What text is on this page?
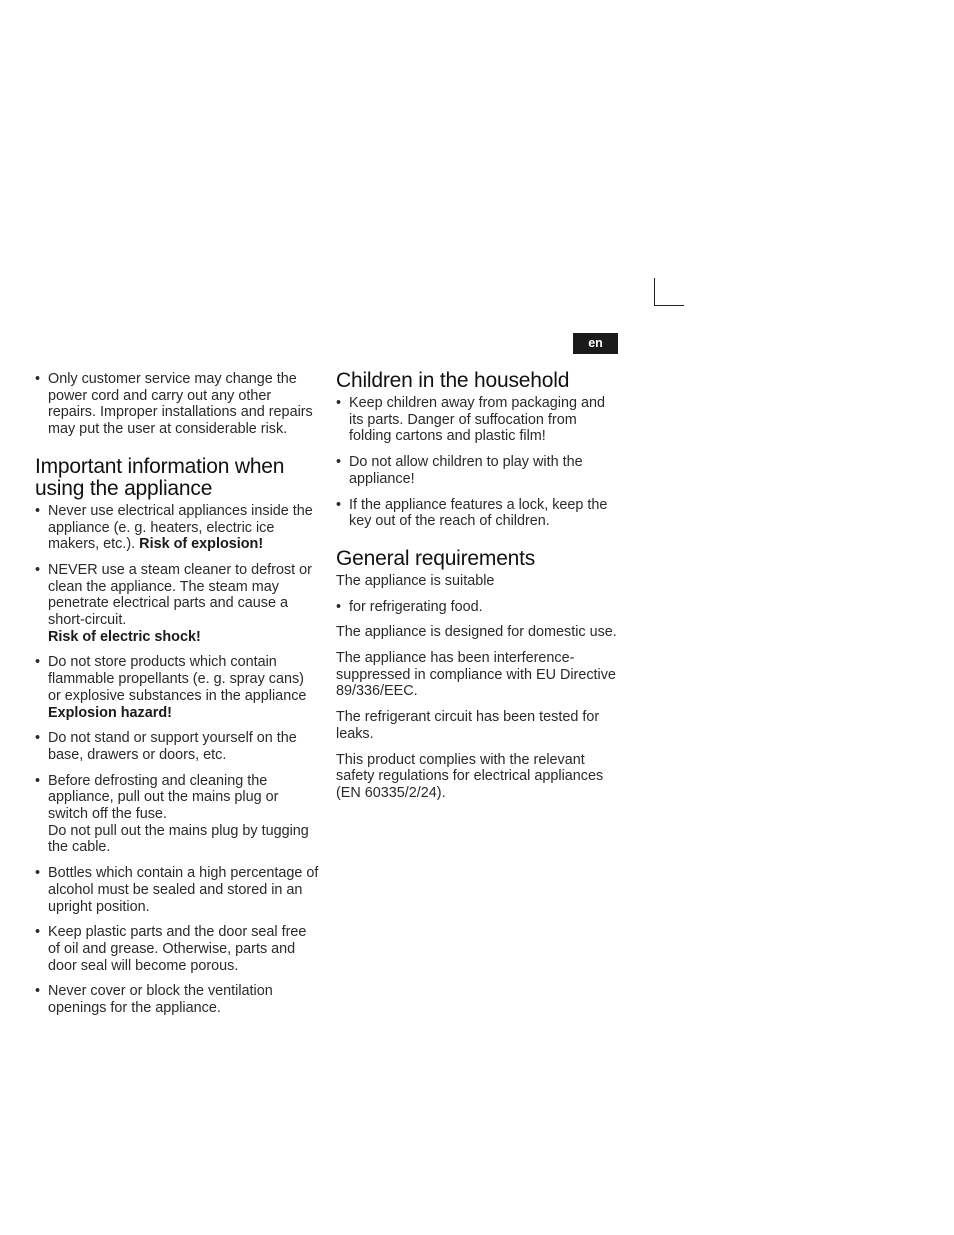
en
• Only customer service may change the power cord and carry out any other repairs. Improper installations and repairs may put the user at considerable risk.
Important information when using the appliance
• Never use electrical appliances inside the appliance (e. g. heaters, electric ice makers, etc.). Risk of explosion!
• NEVER use a steam cleaner to defrost or clean the appliance. The steam may penetrate electrical parts and cause a short-circuit.
Risk of electric shock!
• Do not store products which contain flammable propellants (e. g. spray cans) or explosive substances in the appliance
Explosion hazard!
• Do not stand or support yourself on the base, drawers or doors, etc.
• Before defrosting and cleaning the appliance, pull out the mains plug or switch off the fuse.
Do not pull out the mains plug by tugging the cable.
• Bottles which contain a high percentage of alcohol must be sealed and stored in an upright position.
• Keep plastic parts and the door seal free of oil and grease. Otherwise, parts and door seal will become porous.
• Never cover or block the ventilation openings for the appliance.
Children in the household
• Keep children away from packaging and its parts. Danger of suffocation from folding cartons and plastic film!
• Do not allow children to play with the appliance!
• If the appliance features a lock, keep the key out of the reach of children.
General requirements

The appliance is suitable

• for refrigerating food.

The appliance is designed for domestic use.

The appliance has been interference-suppressed in compliance with EU Directive 89/336/EEC.

The refrigerant circuit has been tested for leaks.

This product complies with the relevant safety regulations for electrical appliances (EN 60335/2/24).
